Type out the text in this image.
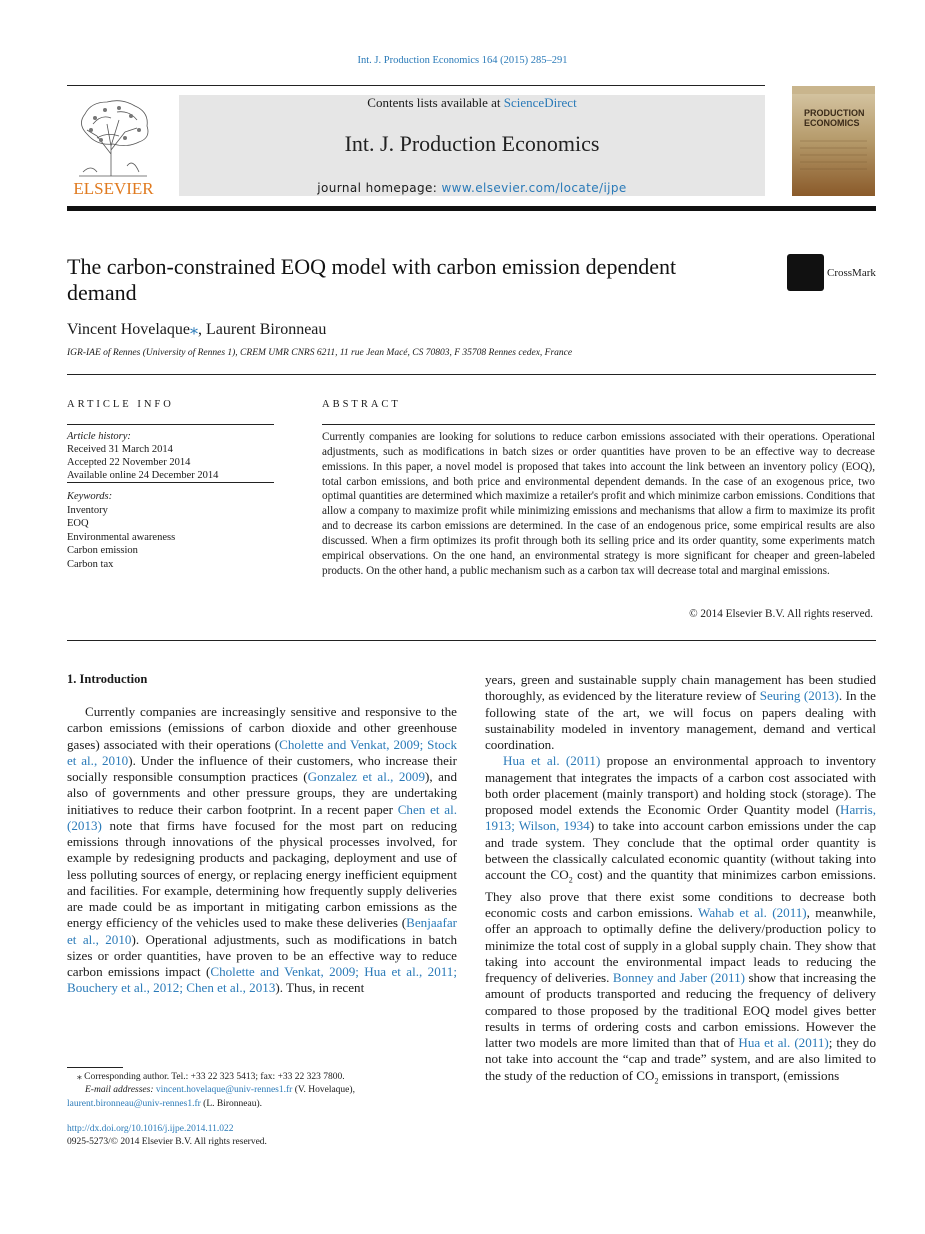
Int. J. Production Economics 164 (2015) 285–291
ELSEVIER
Contents lists available at ScienceDirect
Int. J. Production Economics
journal homepage: www.elsevier.com/locate/ijpe
PRODUCTION
ECONOMICS
The carbon-constrained EOQ model with carbon emission dependent demand
CrossMark
Vincent Hovelaque⁎, Laurent Bironneau
IGR-IAE of Rennes (University of Rennes 1), CREM UMR CNRS 6211, 11 rue Jean Macé, CS 70803, F 35708 Rennes cedex, France
ARTICLE INFO
Article history:
Received 31 March 2014
Accepted 22 November 2014
Available online 24 December 2014
Keywords:
Inventory
EOQ
Environmental awareness
Carbon emission
Carbon tax
ABSTRACT
Currently companies are looking for solutions to reduce carbon emissions associated with their operations. Operational adjustments, such as modifications in batch sizes or order quantities have proven to be an effective way to decrease emissions. In this paper, a novel model is proposed that takes into account the link between an inventory policy (EOQ), total carbon emissions, and both price and environmental dependent demands. In the case of an exogenous price, two optimal quantities are determined which maximize a retailer's profit and which minimize carbon emissions. Conditions that allow a company to maximize profit while minimizing emissions and mechanisms that allow a firm to maximize its profit and to decrease its carbon emissions are determined. In the case of an endogenous price, some empirical results are also discussed. When a firm optimizes its profit through both its selling price and its order quantity, some experiments match empirical observations. On the one hand, an environmental strategy is more significant for cheaper and green-labeled products. On the other hand, a public mechanism such as a carbon tax will decrease total and marginal emissions.
© 2014 Elsevier B.V. All rights reserved.
1. Introduction
Currently companies are increasingly sensitive and responsive to the carbon emissions (emissions of carbon dioxide and other greenhouse gases) associated with their operations (Cholette and Venkat, 2009; Stock et al., 2010). Under the influence of their customers, who increase their socially responsible consumption practices (Gonzalez et al., 2009), and also of governments and other pressure groups, they are undertaking initiatives to reduce their carbon footprint. In a recent paper Chen et al. (2013) note that firms have focused for the most part on reducing emissions through innovations of the physical processes involved, for example by redesigning products and packaging, deployment and use of less polluting sources of energy, or replacing energy inefficient equipment and facilities. For example, determining how frequently supply deliveries are made could be as important in mitigating carbon emissions as the energy efficiency of the vehicles used to make these deliveries (Benjaafar et al., 2010). Operational adjustments, such as modifications in batch sizes or order quantities, have proven to be an effective way to reduce carbon emissions impact (Cholette and Venkat, 2009; Hua et al., 2011; Bouchery et al., 2012; Chen et al., 2013). Thus, in recent

years, green and sustainable supply chain management has been studied thoroughly, as evidenced by the literature review of Seuring (2013). In the following state of the art, we will focus on papers dealing with sustainability modeled in inventory management, demand and vertical coordination.

Hua et al. (2011) propose an environmental approach to inventory management that integrates the impacts of a carbon cost associated with both order placement (mainly transport) and holding stock (storage). The proposed model extends the Economic Order Quantity model (Harris, 1913; Wilson, 1934) to take into account carbon emissions under the cap and trade system. They conclude that the optimal order quantity is between the classically calculated economic quantity (without taking into account the $CO_2$ cost) and the quantity that minimizes carbon emissions. They also prove that there exist some conditions to decrease both economic costs and carbon emissions. Wahab et al. (2011), meanwhile, offer an approach to optimally define the delivery/production policy to minimize the total cost of supply in a global supply chain. They show that taking into account the environmental impact leads to reducing the frequency of deliveries. Bonney and Jaber (2011) show that increasing the amount of products transported and reducing the frequency of delivery compared to those proposed by the traditional EOQ model gives better results in terms of ordering costs and carbon emissions. However the latter two models are more limited than that of Hua et al. (2011); they do not take into account the “cap and trade” system, and are also limited to the study of the reduction of $CO_2$ emissions in transport, (emissions

⁎ Corresponding author. Tel.: +33 22 323 5413; fax: +33 22 323 7800.
E-mail addresses: vincent.hovelaque@univ-rennes1.fr (V. Hovelaque),
laurent.bironneau@univ-rennes1.fr (L. Bironneau).
http://dx.doi.org/10.1016/j.ijpe.2014.11.022
0925-5273/© 2014 Elsevier B.V. All rights reserved.
